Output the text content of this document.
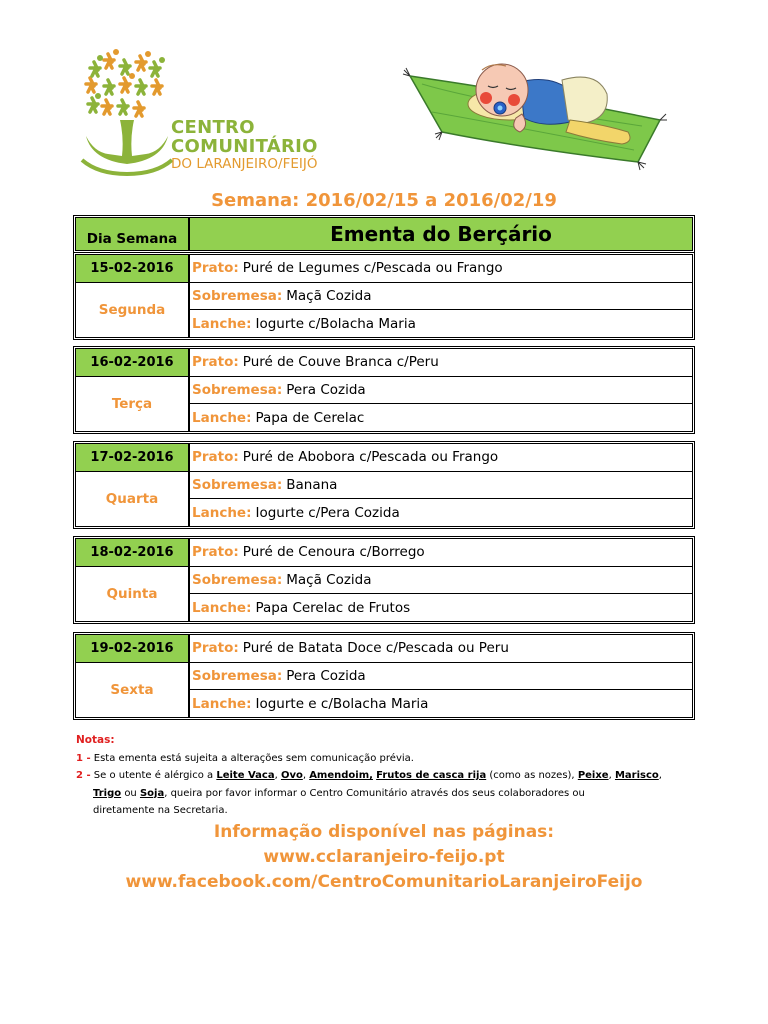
CENTRO
COMUNITÁRIO
DO LARANJEIRO/FEIJÓ
Semana: 2016/02/15 a 2016/02/19
Dia Semana	Ementa do Berçário
15-02-2016
Segunda
Prato: Puré de Legumes c/Pescada ou Frango
Sobremesa: Maçã Cozida
Lanche: Iogurte c/Bolacha Maria
16-02-2016
Terça
Prato: Puré de Couve Branca c/Peru
Sobremesa: Pera Cozida
Lanche: Papa de Cerelac
17-02-2016
Quarta
Prato: Puré de Abobora c/Pescada ou Frango
Sobremesa: Banana
Lanche: Iogurte c/Pera Cozida
18-02-2016
Quinta
Prato: Puré de Cenoura c/Borrego
Sobremesa: Maçã Cozida
Lanche: Papa Cerelac de Frutos
19-02-2016
Sexta
Prato: Puré de Batata Doce c/Pescada ou Peru
Sobremesa: Pera Cozida
Lanche: Iogurte e c/Bolacha Maria
Notas:
1 - Esta ementa está sujeita a alterações sem comunicação prévia.
2 - Se o utente é alérgico a Leite Vaca, Ovo, Amendoim, Frutos de casca rija (como as nozes), Peixe, Marisco,
Trigo ou Soja, queira por favor informar o Centro Comunitário através dos seus colaboradores ou
diretamente na Secretaria.
Informação disponível nas páginas:
www.cclaranjeiro-feijo.pt
www.facebook.com/CentroComunitarioLaranjeiroFeijo
